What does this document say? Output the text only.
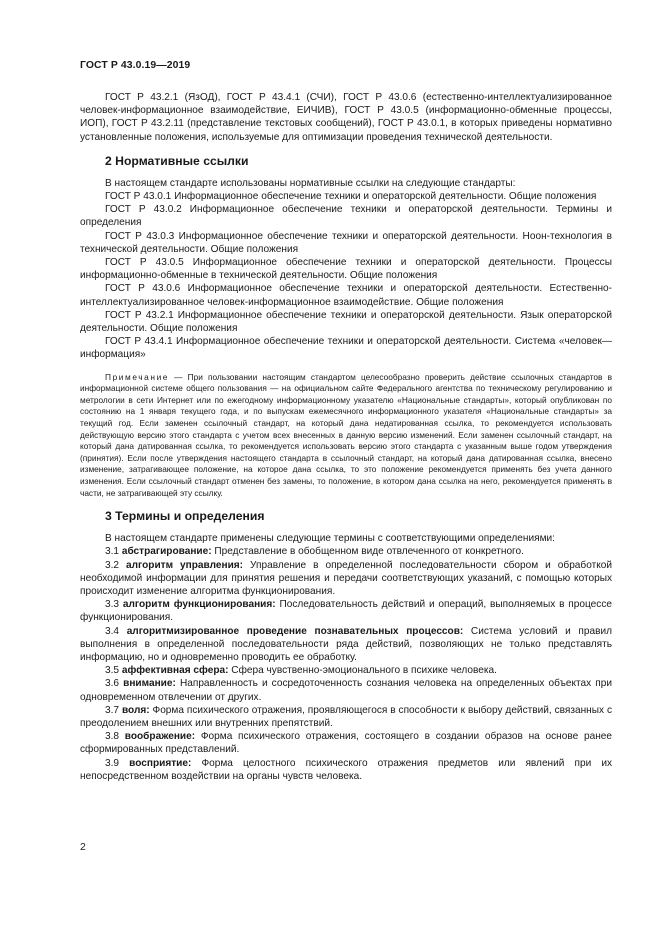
ГОСТ Р 43.0.19—2019

ГОСТ Р 43.2.1 (ЯзОД), ГОСТ Р 43.4.1 (СЧИ), ГОСТ Р 43.0.6 (естественно-интеллектуализированное человек-информационное взаимодействие, ЕИЧИВ), ГОСТ Р 43.0.5 (информационно-обменные процессы, ИОП), ГОСТ Р 43.2.11 (представление текстовых сообщений), ГОСТ Р 43.0.1, в которых приведены нормативно установленные положения, используемые для оптимизации проведения технической деятельности.

2 Нормативные ссылки

В настоящем стандарте использованы нормативные ссылки на следующие стандарты:

ГОСТ Р 43.0.1 Информационное обеспечение техники и операторской деятельности. Общие положения

ГОСТ Р 43.0.2 Информационное обеспечение техники и операторской деятельности. Термины и определения

ГОСТ Р 43.0.3 Информационное обеспечение техники и операторской деятельности. Ноон-технология в технической деятельности. Общие положения

ГОСТ Р 43.0.5 Информационное обеспечение техники и операторской деятельности. Процессы информационно-обменные в технической деятельности. Общие положения

ГОСТ Р 43.0.6 Информационное обеспечение техники и операторской деятельности. Естественно-интеллектуализированное человек-информационное взаимодействие. Общие положения

ГОСТ Р 43.2.1 Информационное обеспечение техники и операторской деятельности. Язык операторской деятельности. Общие положения

ГОСТ Р 43.4.1 Информационное обеспечение техники и операторской деятельности. Система «человек—информация»

Примечание — При пользовании настоящим стандартом целесообразно проверить действие ссылочных стандартов в информационной системе общего пользования — на официальном сайте Федерального агентства по техническому регулированию и метрологии в сети Интернет или по ежегодному информационному указателю «Национальные стандарты», который опубликован по состоянию на 1 января текущего года, и по выпускам ежемесячного информационного указателя «Национальные стандарты» за текущий год. Если заменен ссылочный стандарт, на который дана недатированная ссылка, то рекомендуется использовать действующую версию этого стандарта с учетом всех внесенных в данную версию изменений. Если заменен ссылочный стандарт, на который дана датированная ссылка, то рекомендуется использовать версию этого стандарта с указанным выше годом утверждения (принятия). Если после утверждения настоящего стандарта в ссылочный стандарт, на который дана датированная ссылка, внесено изменение, затрагивающее положение, на которое дана ссылка, то это положение рекомендуется применять без учета данного изменения. Если ссылочный стандарт отменен без замены, то положение, в котором дана ссылка на него, рекомендуется применять в части, не затрагивающей эту ссылку.

3 Термины и определения

В настоящем стандарте применены следующие термины с соответствующими определениями:

3.1 абстрагирование: Представление в обобщенном виде отвлеченного от конкретного.

3.2 алгоритм управления: Управление в определенной последовательности сбором и обработкой необходимой информации для принятия решения и передачи соответствующих указаний, с помощью которых происходит изменение алгоритма функционирования.

3.3 алгоритм функционирования: Последовательность действий и операций, выполняемых в процессе функционирования.

3.4 алгоритмизированное проведение познавательных процессов: Система условий и правил выполнения в определенной последовательности ряда действий, позволяющих не только представлять информацию, но и одновременно проводить ее обработку.

3.5 аффективная сфера: Сфера чувственно-эмоционального в психике человека.

3.6 внимание: Направленность и сосредоточенность сознания человека на определенных объектах при одновременном отвлечении от других.

3.7 воля: Форма психического отражения, проявляющегося в способности к выбору действий, связанных с преодолением внешних или внутренних препятствий.

3.8 воображение: Форма психического отражения, состоящего в создании образов на основе ранее сформированных представлений.

3.9 восприятие: Форма целостного психического отражения предметов или явлений при их непосредственном воздействии на органы чувств человека.

2
